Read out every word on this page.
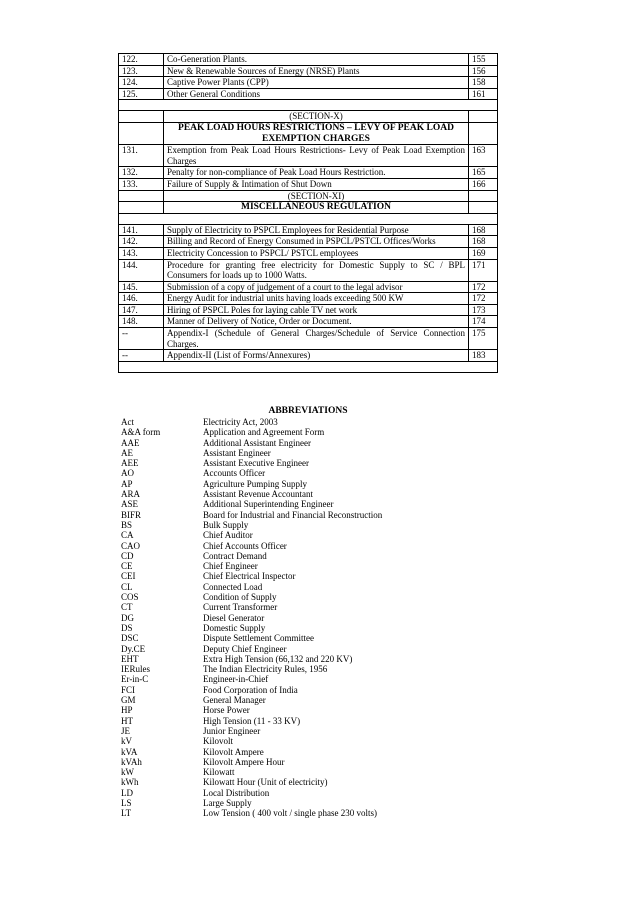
122.	Co-Generation Plants.	155
123.	New & Renewable Sources of Energy (NRSE) Plants	156
124.	Captive Power Plants (CPP)	158
125.	Other General Conditions	161

	(SECTION-X)	
	PEAK LOAD HOURS RESTRICTIONS – LEVY OF PEAK LOAD EXEMPTION CHARGES	
131.	Exemption from Peak Load Hours Restrictions- Levy of Peak Load Exemption Charges	163
132.	Penalty for non-compliance of Peak Load Hours Restriction.	165
133.	Failure of Supply & Intimation of Shut Down	166
	(SECTION-XI)	
	MISCELLANEOUS REGULATION	

141.	Supply of Electricity to PSPCL Employees for Residential Purpose	168
142.	Billing and Record of Energy Consumed in PSPCL/PSTCL Offices/Works	168
143.	Electricity Concession to PSPCL/ PSTCL employees	169
144.	Procedure for granting free electricity for Domestic Supply to SC / BPL Consumers for loads up to 1000 Watts.	171
145.	Submission of a copy of judgement of a court to the legal advisor	172
146.	Energy Audit for industrial units having loads exceeding 500 KW	172
147.	Hiring of PSPCL Poles for laying cable TV net work	173
148.	Manner of Delivery of Notice, Order or Document.	174
--	Appendix-I (Schedule of General Charges/Schedule of Service Connection Charges.	175
--	Appendix-II (List of Forms/Annexures)	183

ABBREVIATIONS
Act	Electricity Act, 2003
A&A form	Application and Agreement Form
AAE	Additional Assistant Engineer
AE	Assistant Engineer
AEE	Assistant Executive Engineer
AO	Accounts Officer
AP	Agriculture Pumping Supply
ARA	Assistant Revenue Accountant
ASE	Additional Superintending Engineer
BIFR	Board for Industrial and Financial Reconstruction
BS	Bulk Supply
CA	Chief Auditor
CAO	Chief Accounts Officer
CD	Contract Demand
CE	Chief Engineer
CEI	Chief Electrical Inspector
CL	Connected Load
COS	Condition of Supply
CT	Current Transformer
DG	Diesel Generator
DS	Domestic Supply
DSC	Dispute Settlement Committee
Dy.CE	Deputy Chief Engineer
EHT	Extra High Tension (66,132 and 220 KV)
IERules	The Indian Electricity Rules, 1956
Er-in-C	Engineer-in-Chief
FCI	Food Corporation of India
GM	General Manager
HP	Horse Power
HT	High Tension (11 - 33 KV)
JE	Junior Engineer
kV	Kilovolt
kVA	Kilovolt Ampere
kVAh	Kilovolt Ampere Hour
kW	Kilowatt
kWh	Kilowatt Hour (Unit of electricity)
LD	Local Distribution
LS	Large Supply
LT	Low Tension ( 400 volt / single phase 230 volts)
